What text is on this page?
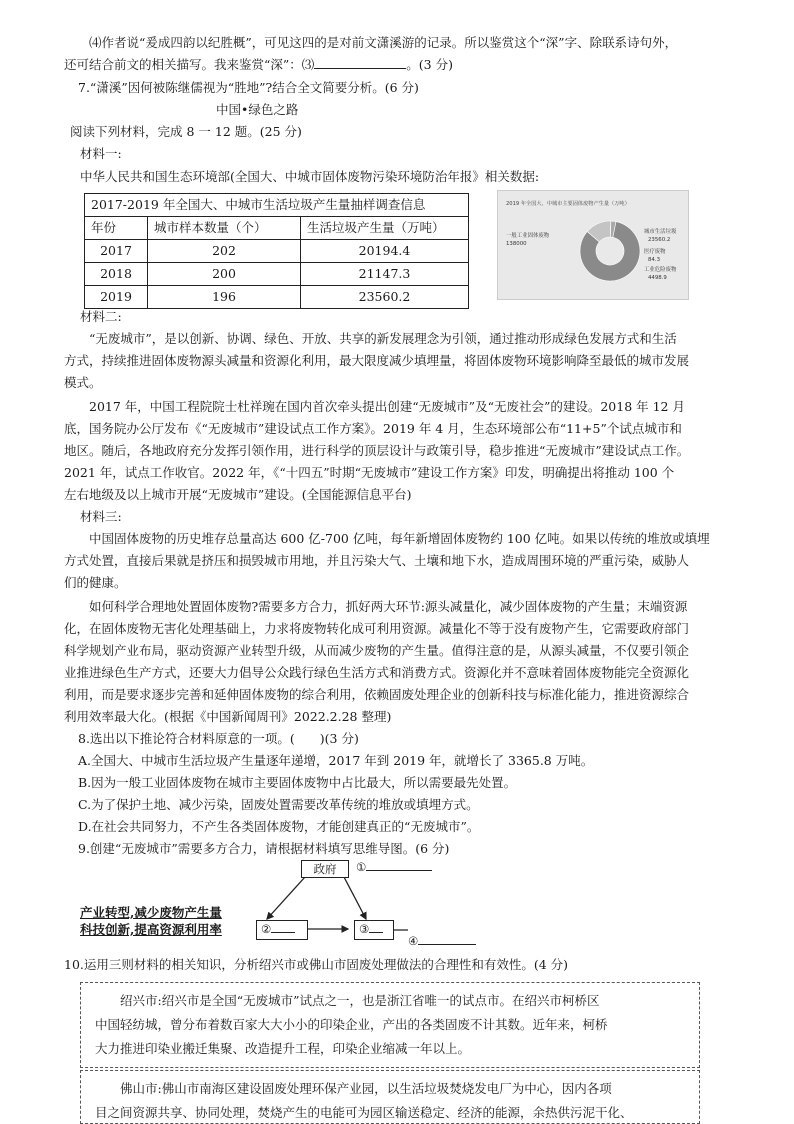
⑷作者说“爰成四韵以纪胜概”，可见这四的是对前文潇溪游的记录。所以鉴赏这个“深”字、除联系诗句外，
还可结合前文的相关描写。我来鉴赏“深”：⑶	。(3 分)
7.“潇溪”因何被陈继儒视为“胜地”?结合全文简要分析。(6 分)
中国•绿色之路
阅读下列材料，完成 8 一 12 题。(25 分)
材料一:
中华人民共和国生态环境部(全国大、中城市固体废物污染环境防治年报》相关数据:
2017-2019 年全国大、中城市生活垃圾产生量抽样调查信息		
年份	城市样本数量（个）	生活垃圾产生量（万吨）
2017	202	20194.4
2018	200	21147.3
2019	196	23560.2
2019 年全国大、中城市主要固体废物产生量（万吨）
一般工业固体废物
138000
城市生活垃圾
23560.2
医疗废物
84.3
工业危险废物
4498.9
材料二:
“无废城市”，是以创新、协调、绿色、开放、共享的新发展理念为引领，通过推动形成绿色发展方式和生活
方式，持续推进固体废物源头减量和资源化利用，最大限度减少填埋量，将固体废物环境影响降至最低的城市发展
模式。
2017 年，中国工程院院士杜祥琬在国内首次牵头提出创建“无废城市”及“无废社会”的建设。2018 年 12 月
底，国务院办公厅发布《“无废城市”建设试点工作方案》。2019 年 4 月，生态环境部公布“11+5”个试点城市和
地区。随后，各地政府充分发挥引领作用，进行科学的顶层设计与政策引导，稳步推进“无废城市”建设试点工作。
2021 年，试点工作收官。2022 年，《“十四五”时期“无废城市”建设工作方案》印发，明确提出将推动 100 个
左右地级及以上城市开展“无废城市”建设。(全国能源信息平台)
材料三:
中国固体废物的历史堆存总量高达 600 亿-700 亿吨，每年新增固体废物约 100 亿吨。如果以传统的堆放或填埋
方式处置，直接后果就是挤压和损毁城市用地，并且污染大气、土壤和地下水，造成周围环境的严重污染，威胁人
们的健康。
如何科学合理地处置固体废物?需要多方合力，抓好两大环节:源头减量化，减少固体废物的产生量；末端资源
化，在固体废物无害化处理基础上，力求将废物转化成可利用资源。减量化不等于没有废物产生，它需要政府部门
科学规划产业布局，驱动资源产业转型升级，从而减少废物的产生量。值得注意的是，从源头减量，不仅要引领企
业推进绿色生产方式，还要大力倡导公众践行绿色生活方式和消费方式。资源化并不意味着固体废物能完全资源化
利用，而是要求逐步完善和延伸固体废物的综合利用，依赖固废处理企业的创新科技与标准化能力，推进资源综合
利用效率最大化。(根据《中国新闻周刊》2022.2.28 整理)
8.选出以下推论符合材料原意的一项。(　　)(3 分)
A.全国大、中城市生活垃圾产生量逐年递增，2017 年到 2019 年，就增长了 3365.8 万吨。
B.因为一般工业固体废物在城市主要固体废物中占比最大，所以需要最先处置。
C.为了保护土地、减少污染，固废处置需要改革传统的堆放或填埋方式。
D.在社会共同努力，不产生各类固体废物，才能创建真正的“无废城市”。
9.创建“无废城市”需要多方合力，请根据材料填写思维导图。(6 分)
政府	①
②	③
④
产业转型,减少废物产生量
科技创新,提高资源利用率
10.运用三则材料的相关知识，分析绍兴市或佛山市固废处理做法的合理性和有效性。(4 分)
绍兴市:绍兴市是全国“无废城市”试点之一，也是浙江省唯一的试点市。在绍兴市柯桥区
中国轻纺城，曾分布着数百家大大小小的印染企业，产出的各类固废不计其数。近年来，柯桥
大力推进印染业搬迁集聚、改造提升工程，印染企业缩减一年以上。
佛山市:佛山市南海区建设固废处理环保产业园，以生活垃圾焚烧发电厂为中心，因内各项
目之间资源共享、协同处理，焚烧产生的电能可为园区输送稳定、经济的能源，余热供污泥干化、
